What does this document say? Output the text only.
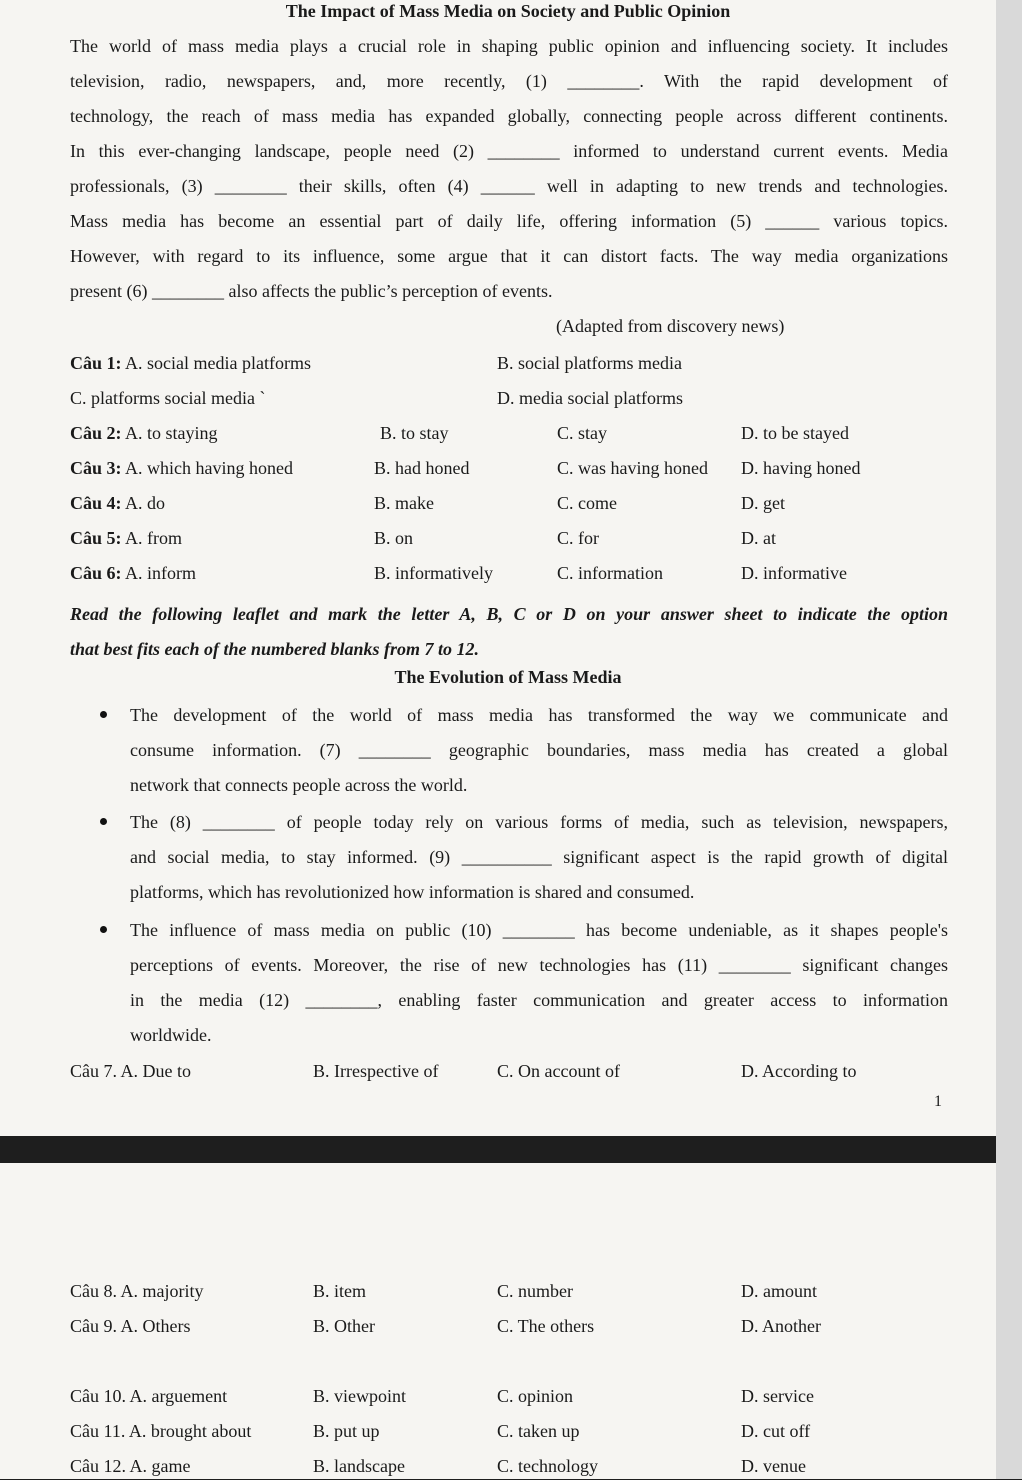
The Impact of Mass Media on Society and Public Opinion
The world of mass media plays a crucial role in shaping public opinion and influencing society. It includes
television, radio, newspapers, and, more recently, (1) ________. With the rapid development of
technology, the reach of mass media has expanded globally, connecting people across different continents.
In this ever-changing landscape, people need (2) ________ informed to understand current events. Media
professionals, (3) ________ their skills, often (4) ______ well in adapting to new trends and technologies.
Mass media has become an essential part of daily life, offering information (5) ______ various topics.
However, with regard to its influence, some argue that it can distort facts. The way media organizations
present (6) ________ also affects the public’s perception of events.
(Adapted from discovery news)
Câu 1: A. social media platforms	B. social platforms media
C. platforms social media `	D. media social platforms
Câu 2: A. to staying	B. to stay	C. stay	D. to be stayed
Câu 3: A. which having honed	B. had honed	C. was having honed D. having honed
Câu 4: A. do	B. make	C. come	D. get
Câu 5: A. from	B. on	C. for	D. at
Câu 6: A. inform	B. informatively	C. information	D. informative
Read the following leaflet and mark the letter A, B, C or D on your answer sheet to indicate the option
that best fits each of the numbered blanks from 7 to 12.
The Evolution of Mass Media
The development of the world of mass media has transformed the way we communicate and
consume information. (7) ________ geographic boundaries, mass media has created a global
network that connects people across the world.
The (8) ________ of people today rely on various forms of media, such as television, newspapers,
and social media, to stay informed. (9) __________ significant aspect is the rapid growth of digital
platforms, which has revolutionized how information is shared and consumed.
The influence of mass media on public (10) ________ has become undeniable, as it shapes people's
perceptions of events. Moreover, the rise of new technologies has (11) ________ significant changes
in the media (12) ________, enabling faster communication and greater access to information
worldwide.
Câu 7. A. Due to	B. Irrespective of	C. On account of	D. According to
1
Câu 8. A. majority	B. item	C. number	D. amount
Câu 9. A. Others	B. Other	C. The others	D. Another
Câu 10. A. arguement	B. viewpoint	C. opinion	D. service
Câu 11. A. brought about	B. put up	C. taken up	D. cut off
Câu 12. A. game	B. landscape	C. technology	D. venue
